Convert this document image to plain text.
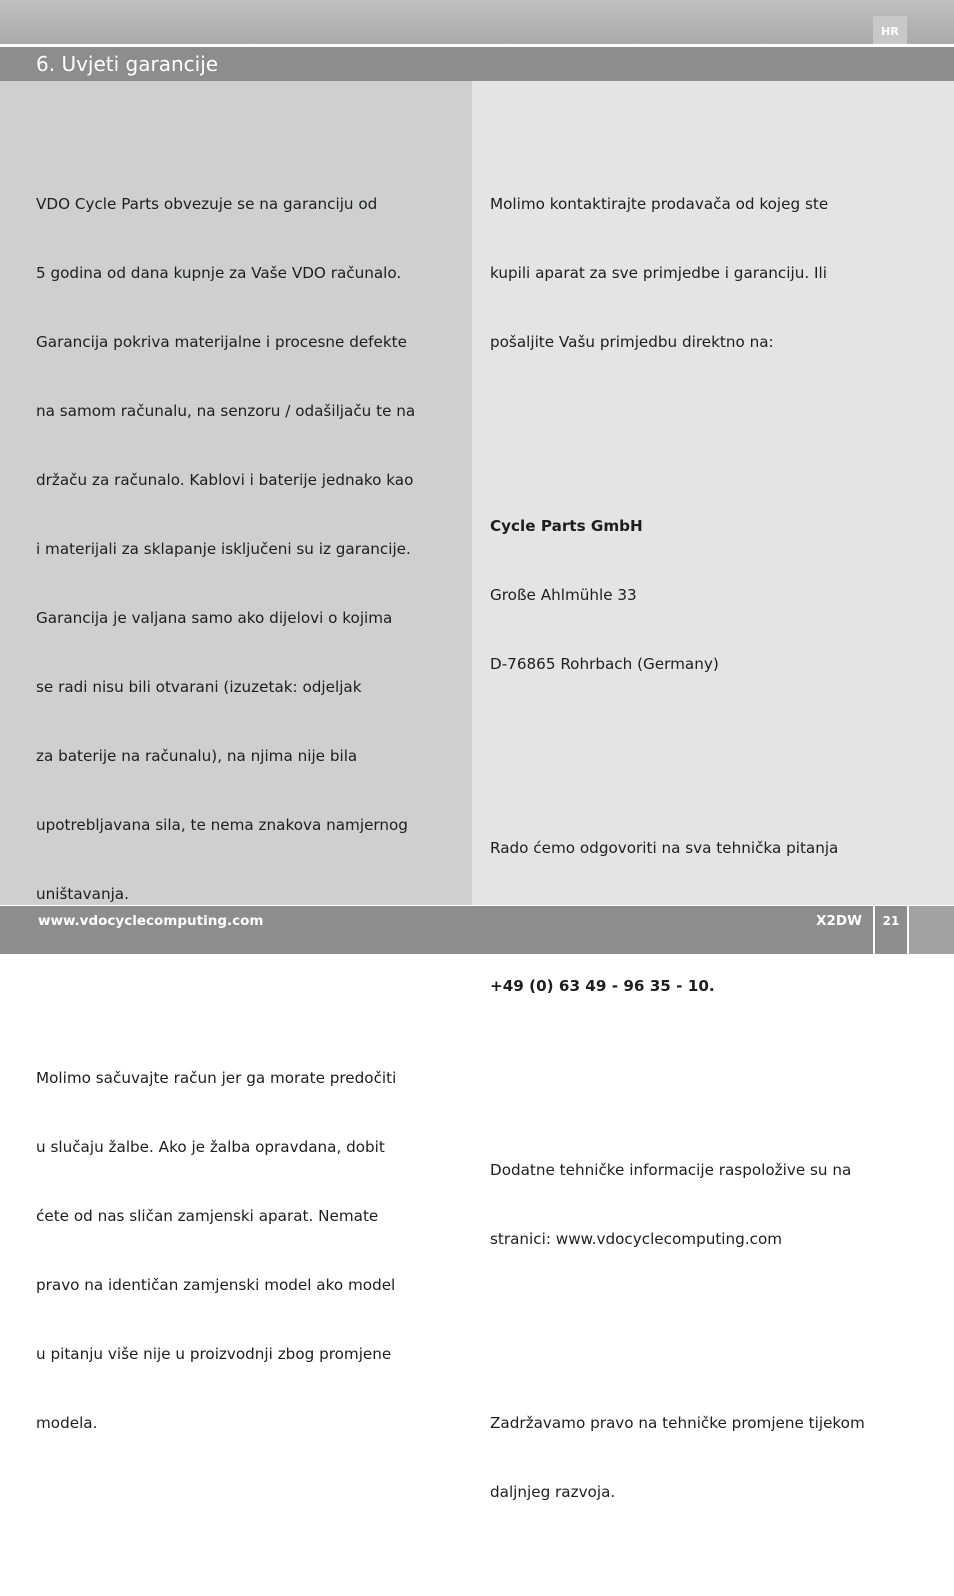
HR
6. Uvjeti garancije

VDO Cycle Parts obvezuje se na garanciju od

5 godina od dana kupnje za Vaše VDO računalo.

Garancija pokriva materijalne i procesne defekte

na samom računalu, na senzoru / odašiljaču te na

držaču za računalo. Kablovi i baterije jednako kao

i materijali za sklapanje isključeni su iz garancije.

Garancija je valjana samo ako dijelovi o kojima

se radi nisu bili otvarani (izuzetak: odjeljak

za baterije na računalu), na njima nije bila

upotrebljavana sila, te nema znakova namjernog

uništavanja.

Molimo sačuvajte račun jer ga morate predočiti

u slučaju žalbe. Ako je žalba opravdana, dobit

ćete od nas sličan zamjenski aparat. Nemate

pravo na identičan zamjenski model ako model

u pitanju više nije u proizvodnji zbog promjene

modela.

Molimo kontaktirajte prodavača od kojeg ste

kupili aparat za sve primjedbe i garanciju. Ili

pošaljite Vašu primjedbu direktno na:

Cycle Parts GmbH

Große Ahlmühle 33

D-76865 Rohrbach (Germany)

Rado ćemo odgovoriti na sva tehnička pitanja

+49 (0) 63 49 - 96 35 - 10.

Dodatne tehničke informacije raspoložive su na

stranici: www.vdocyclecomputing.com

Zadržavamo pravo na tehničke promjene tijekom

daljnjeg razvoja.

www.vdocyclecomputing.com	X2DW	21
